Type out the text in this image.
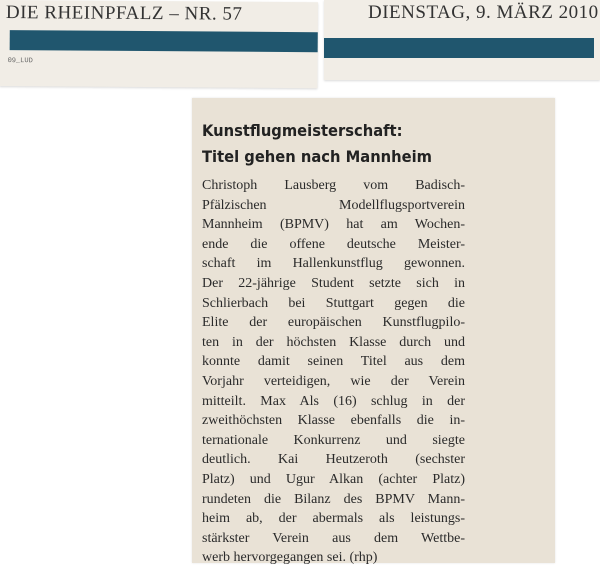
DIE RHEINPFALZ – NR. 57
09_LUD
DIENSTAG, 9. MÄRZ 2010
Kunstflugmeisterschaft:
Titel gehen nach Mannheim
Christoph Lausberg vom Badisch-
Pfälzischen Modellflugsportverein
Mannheim (BPMV) hat am Wochen-
ende die offene deutsche Meister-
schaft im Hallenkunstflug gewonnen.
Der 22-jährige Student setzte sich in
Schlierbach bei Stuttgart gegen die
Elite der europäischen Kunstflugpilo-
ten in der höchsten Klasse durch und
konnte damit seinen Titel aus dem
Vorjahr verteidigen, wie der Verein
mitteilt. Max Als (16) schlug in der
zweithöchsten Klasse ebenfalls die in-
ternationale Konkurrenz und siegte
deutlich. Kai Heutzeroth (sechster
Platz) und Ugur Alkan (achter Platz)
rundeten die Bilanz des BPMV Mann-
heim ab, der abermals als leistungs-
stärkster Verein aus dem Wettbe-
werb hervorgegangen sei. (rhp)
